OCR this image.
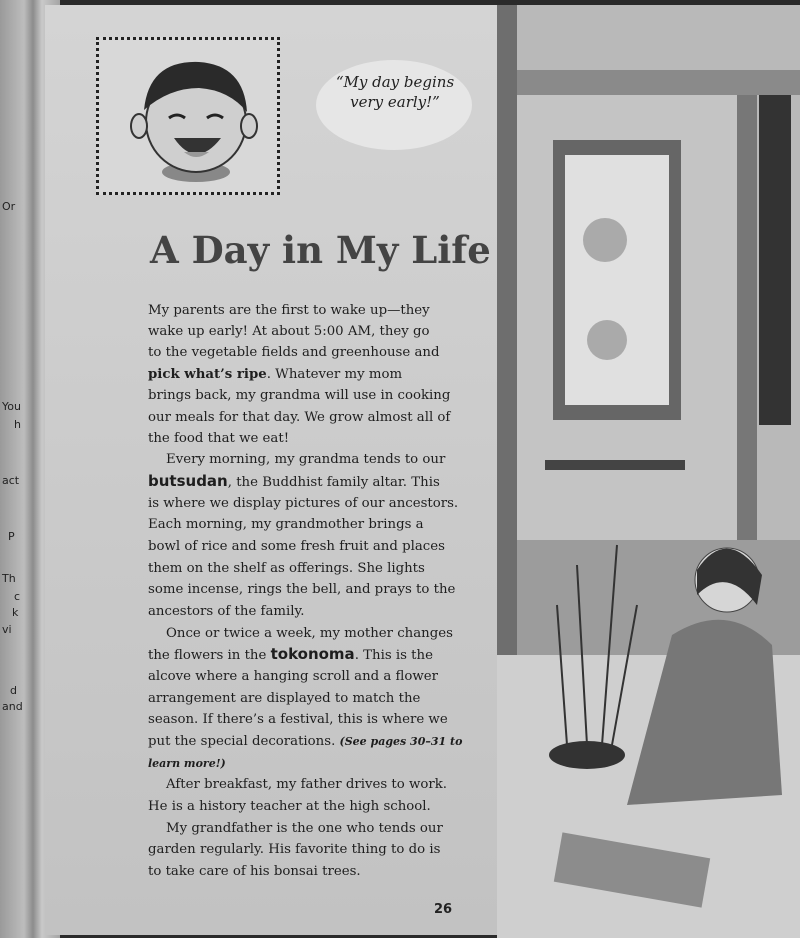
Or
You
h
act
P
Th
c
k
vi
d
and
“My day begins
very early!”
A Day in My Life
My parents are the first to wake up—they
wake up early! At about 5:00 AM, they go
to the vegetable fields and greenhouse and
pick what’s ripe. Whatever my mom
brings back, my grandma will use in cooking
our meals for that day. We grow almost all of
the food that we eat!
Every morning, my grandma tends to our
butsudan, the Buddhist family altar. This
is where we display pictures of our ancestors.
Each morning, my grandmother brings a
bowl of rice and some fresh fruit and places
them on the shelf as offerings. She lights
some incense, rings the bell, and prays to the
ancestors of the family.
Once or twice a week, my mother changes
the flowers in the tokonoma. This is the
alcove where a hanging scroll and a flower
arrangement are displayed to match the
season. If there’s a festival, this is where we
put the special decorations. (See pages 30–31 to
learn more!)
After breakfast, my father drives to work.
He is a history teacher at the high school.
My grandfather is the one who tends our
garden regularly. His favorite thing to do is
to take care of his bonsai trees.
26
